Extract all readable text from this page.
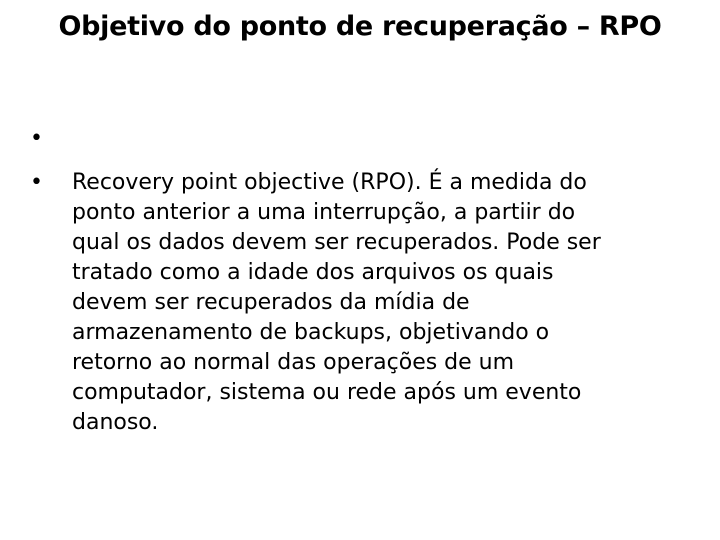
Objetivo do ponto de recuperação – RPO
•
•	Recovery point objective (RPO). É a medida do
ponto anterior a uma interrupção, a partiir do
qual os dados devem ser recuperados. Pode ser
tratado como a idade dos arquivos os quais
devem ser recuperados da mídia de
armazenamento de backups, objetivando o
retorno ao normal das operações de um
computador, sistema ou rede após um evento
danoso.
